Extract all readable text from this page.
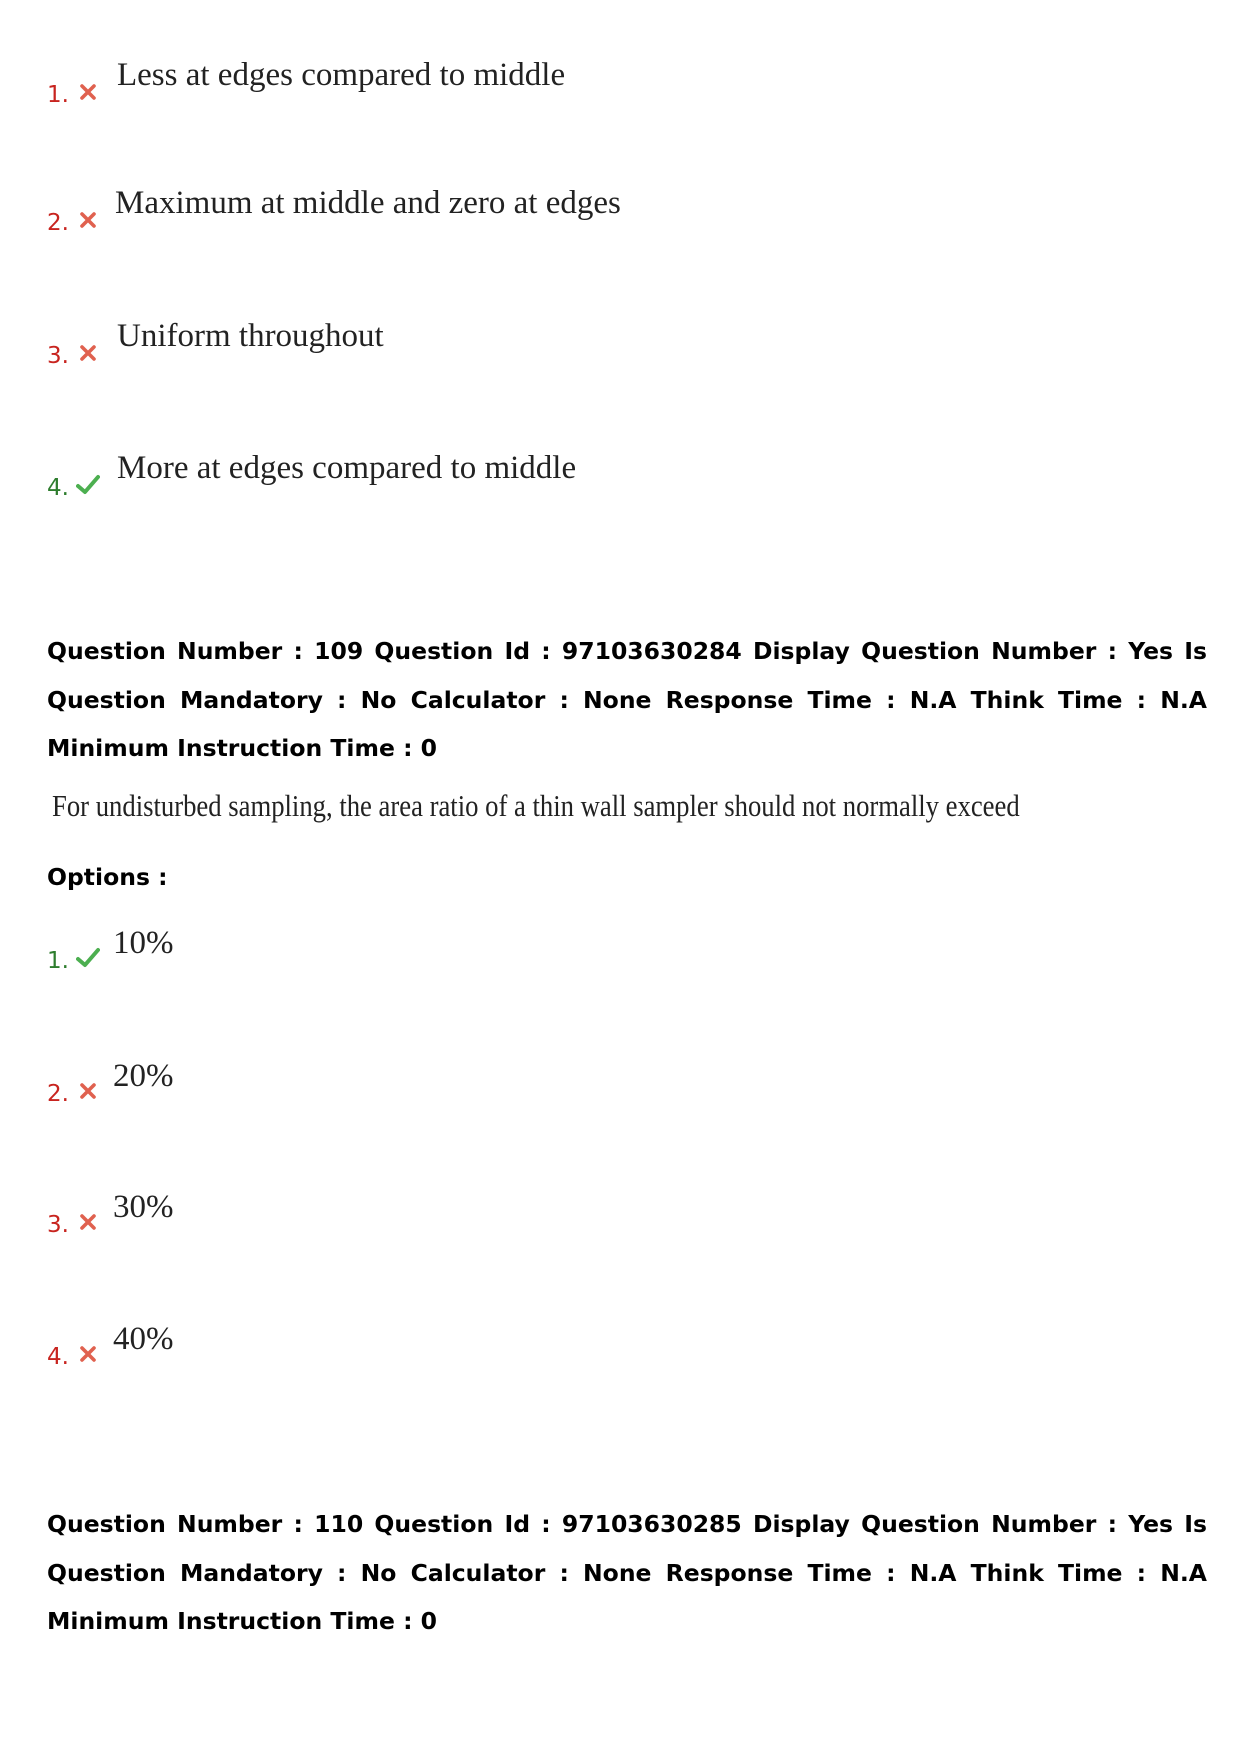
1.
Less at edges compared to middle
2.
Maximum at middle and zero at edges
3.
Uniform throughout
4.
More at edges compared to middle
Question Number : 109 Question Id : 97103630284 Display Question Number : Yes Is Question Mandatory : No Calculator : None Response Time : N.A Think Time : N.A Minimum Instruction Time : 0
For undisturbed sampling, the area ratio of a thin wall sampler should not normally exceed
Options :
1. 10%
2. 20%
3. 30%
4. 40%
Question Number : 110 Question Id : 97103630285 Display Question Number : Yes Is Question Mandatory : No Calculator : None Response Time : N.A Think Time : N.A Minimum Instruction Time : 0
